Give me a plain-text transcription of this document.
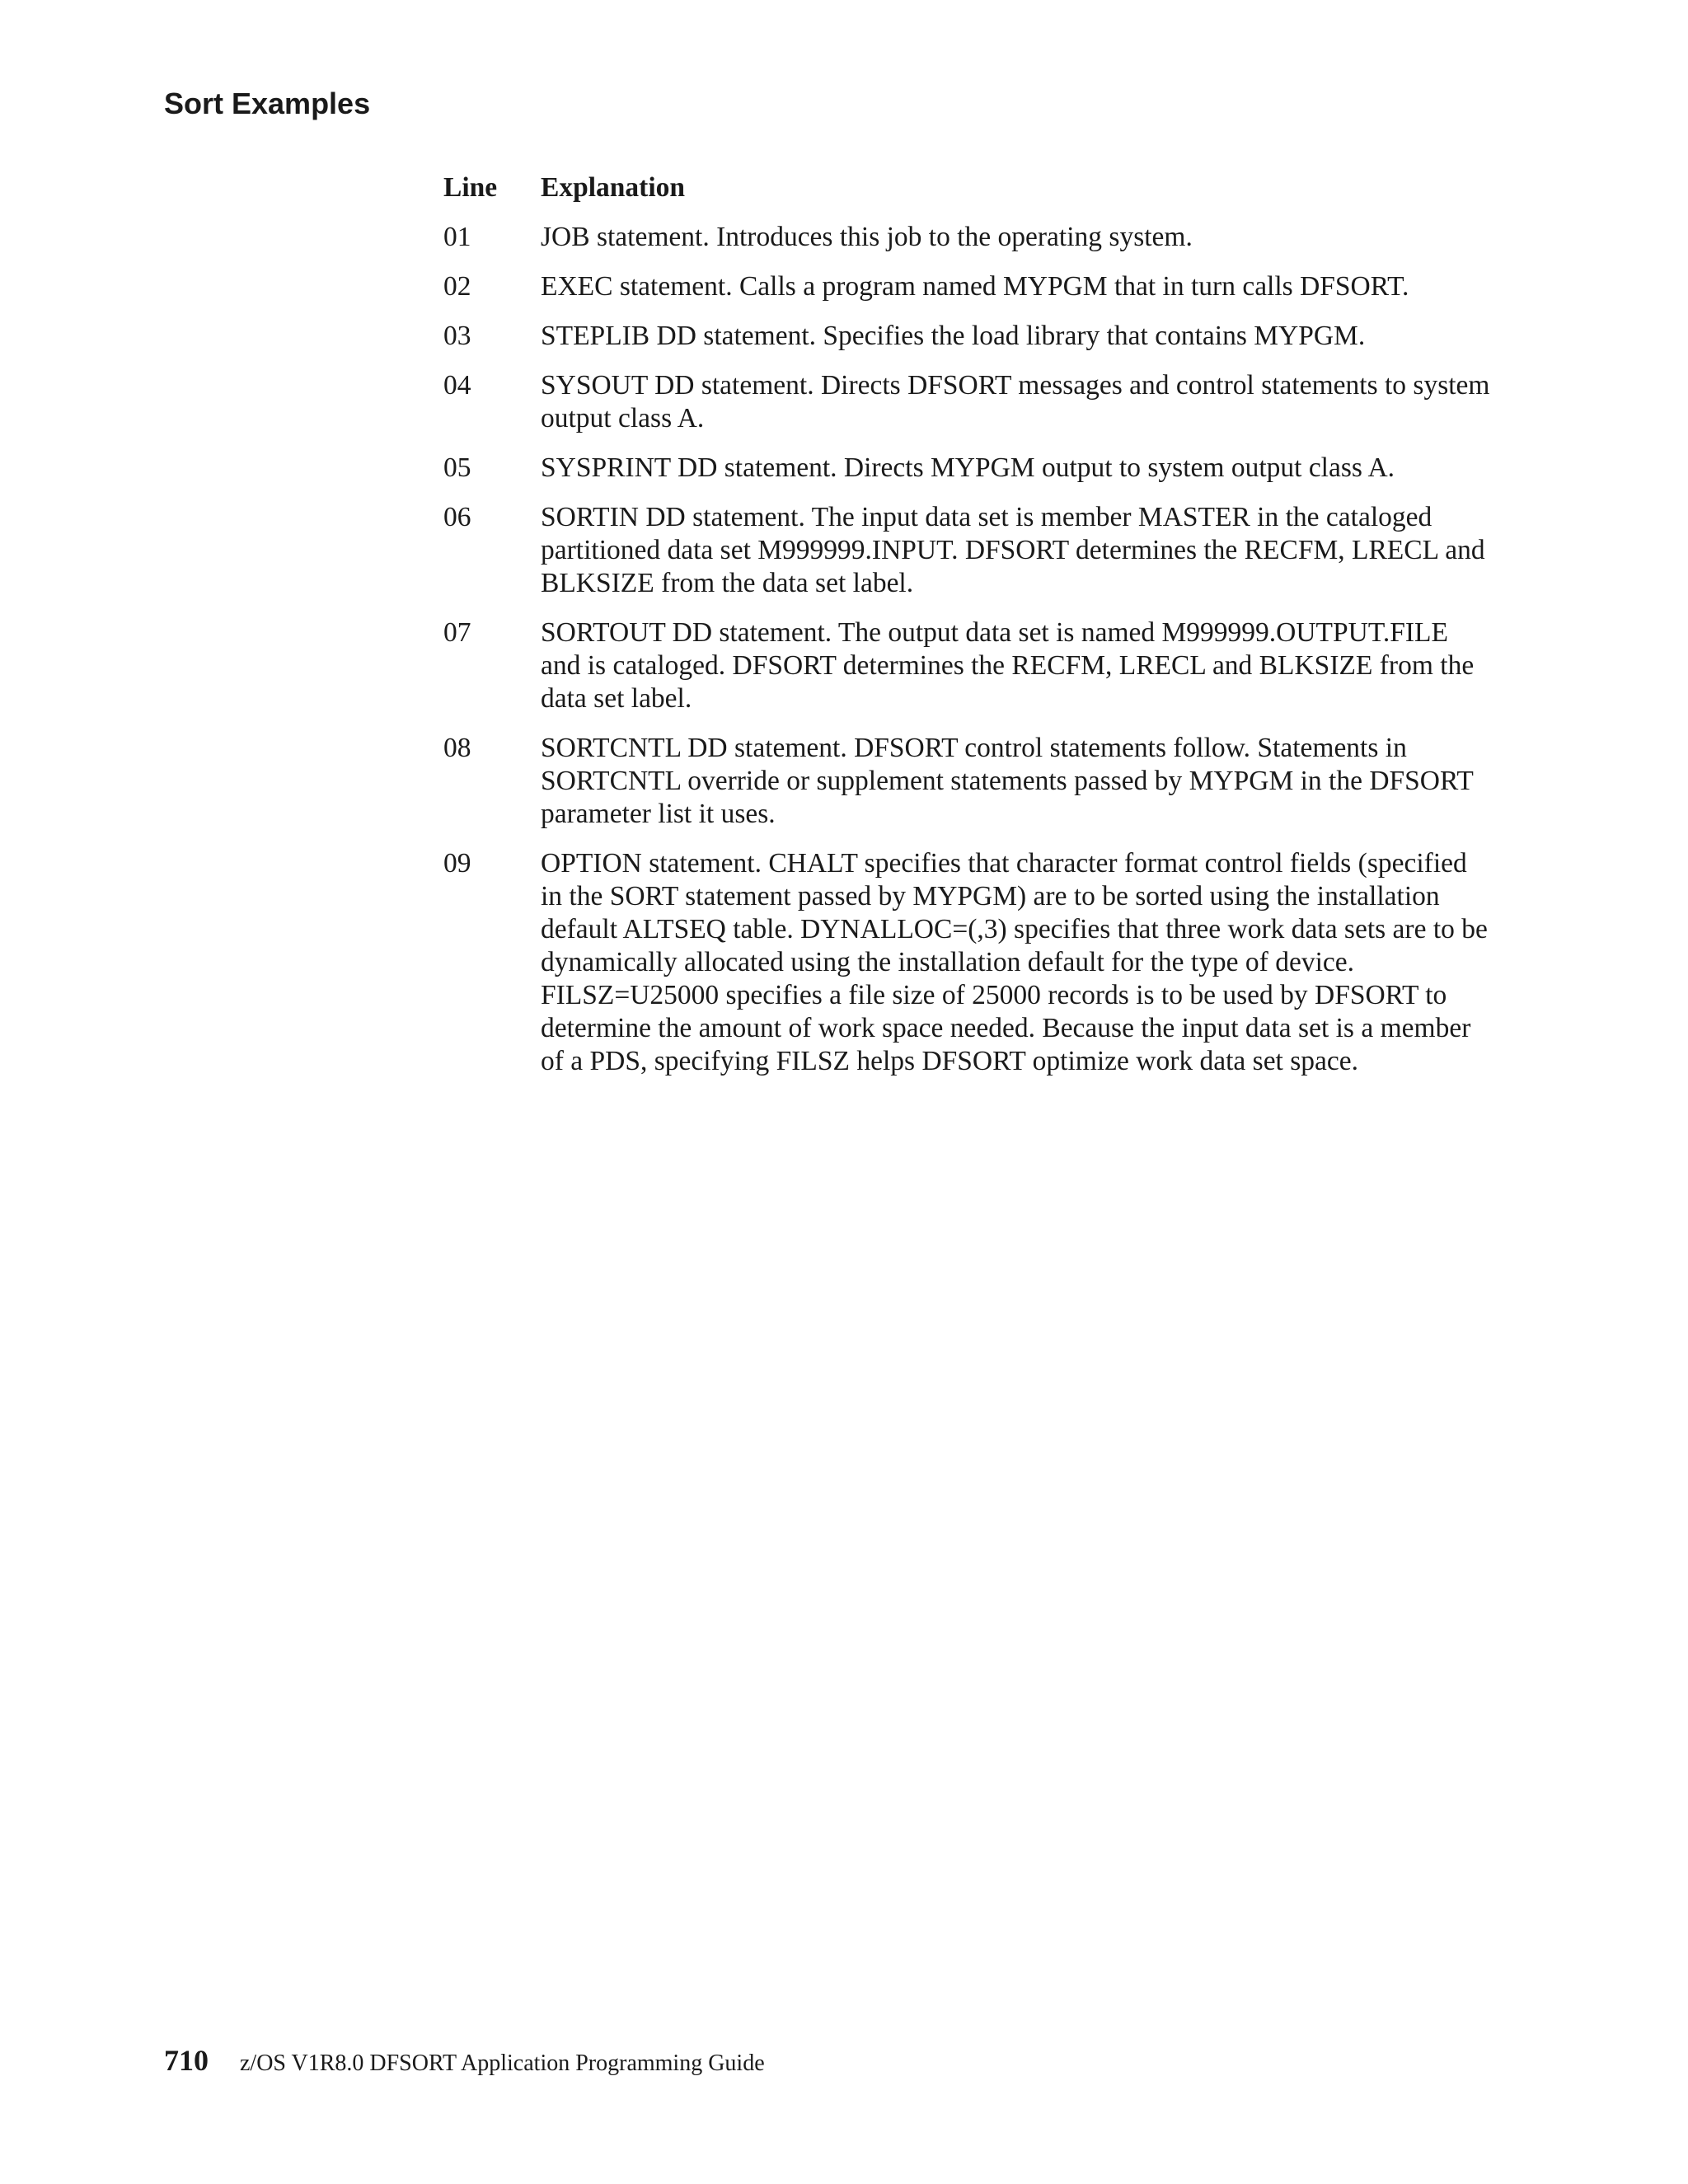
Sort Examples
Line	Explanation
01	JOB statement. Introduces this job to the operating system.
02	EXEC statement. Calls a program named MYPGM that in turn calls DFSORT.
03	STEPLIB DD statement. Specifies the load library that contains MYPGM.
04	SYSOUT DD statement. Directs DFSORT messages and control statements to system output class A.
05	SYSPRINT DD statement. Directs MYPGM output to system output class A.
06	SORTIN DD statement. The input data set is member MASTER in the cataloged partitioned data set M999999.INPUT. DFSORT determines the RECFM, LRECL and BLKSIZE from the data set label.
07	SORTOUT DD statement. The output data set is named M999999.OUTPUT.FILE and is cataloged. DFSORT determines the RECFM, LRECL and BLKSIZE from the data set label.
08	SORTCNTL DD statement. DFSORT control statements follow. Statements in SORTCNTL override or supplement statements passed by MYPGM in the DFSORT parameter list it uses.
09	OPTION statement. CHALT specifies that character format control fields (specified in the SORT statement passed by MYPGM) are to be sorted using the installation default ALTSEQ table. DYNALLOC=(,3) specifies that three work data sets are to be dynamically allocated using the installation default for the type of device. FILSZ=U25000 specifies a file size of 25000 records is to be used by DFSORT to determine the amount of work space needed. Because the input data set is a member of a PDS, specifying FILSZ helps DFSORT optimize work data set space.
710 z/OS V1R8.0 DFSORT Application Programming Guide
